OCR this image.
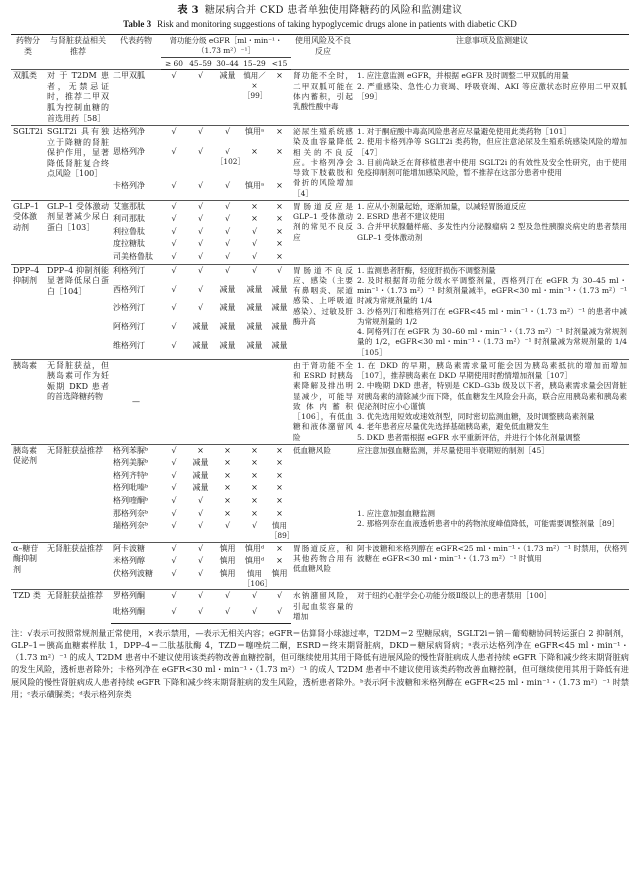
表 3 糖尿病合并 CKD 患者单独使用降糖药的风险和监测建议
Table 3 Risk and monitoring suggestions of taking hypoglycemic drugs alone in patients with diabetic CKD
药物分类	与肾脏获益相关推荐	代表药物	肾功能分级 eGFR［ml・min⁻¹・（1.73 m²）⁻¹］					使用风险及不良反应	注意事项及监测建议
			≥ 60	45–59	30–44	15–29	<15		
双胍类	对于T2DM患者，无禁忌证时，推荐二甲双胍为控制血糖的首选用药［58］	二甲双胍	√	√	减量	慎用／×［99］	×	肾功能不全时，二甲双胍可能在体内蓄积，引起乳酸性酸中毒	1. 应注意监测 eGFR，并根据 eGFR 及时调整二甲双胍的用量
2. 严重感染、急性心力衰竭、呼吸衰竭、AKI 等应激状态时应停用二甲双胍［99］

SGLT2i	SGLT2i 具有独立于降糖的肾脏保护作用，显著降低肾脏复合终点风险［100］	达格列净	√	√	√	慎用ᵃ	×	泌尿生殖系统感染及血容量降低相关的不良反应。卡格列净会导致下肢截肢和骨折的风险增加［4］	1. 对于酮症酸中毒高风险患者应尽量避免使用此类药物［101］
2. 使用卡格列净等 SGLT2i 类药物，但应注意泌尿及生殖系统感染风险的增加［47］
3. 目前尚缺乏在肾移植患者中使用 SGLT2i 的有效性及安全性研究，由于使用免疫抑制剂可能增加感染风险，暂不推荐在这部分患者中使用

		恩格列净	√	√	√［102］	×	×		
		卡格列净	√	√	√	慎用ᵃ	×		
GLP–1受体激动剂	GLP–1 受体激动剂显著减少尿白蛋白［103］	艾塞那肽	√	√	√	×	×	胃肠道反应是GLP–1 受体激动剂的常见不良反应	1. 应从小剂量起始，逐渐加量，以减轻胃肠道反应
2. ESRD 患者不建议使用
3. 合并甲状腺髓样癌、多发性内分泌腺瘤病 2 型及急性胰腺炎病史的患者禁用 GLP–1 受体激动剂

		利司那肽	√	√	√	×	×		
		利拉鲁肽	√	√	√	√	×		
		度拉糖肽	√	√	√	√	×		
		司美格鲁肽	√	√	√	√	×		
DPP–4抑制剂	DPP–4 抑制剂能显著降低尿白蛋白［104］	利格列汀	√	√	√	√	√	胃肠道不良反应、感染（主要有鼻咽炎、尿道感染、上呼吸道感染）、过敏及肝酶升高	1. 监测患者肝酶，轻度肝损伤不调整剂量
2. 及时根据肾功能分级水平调整剂量，西格列汀在 eGFR 为 30–45 ml・min⁻¹・（1.73 m²）⁻¹ 时须剂量减半，eGFR<30 ml・min⁻¹・（1.73 m²）⁻¹ 时减为常规剂量的 1/4
3. 沙格列汀和维格列汀在 eGFR<45 ml・min⁻¹・（1.73 m²）⁻¹ 的患者中减为常规剂量的 1/2
4. 阿格列汀在 eGFR 为 30–60 ml・min⁻¹・（1.73 m²）⁻¹ 时剂量减为常规剂量的 1/2，eGFR<30 ml・min⁻¹・（1.73 m²）⁻¹ 时剂量减为常规剂量的 1/4［105］

		西格列汀	√	√	减量	减量	减量		
		沙格列汀	√	√	减量	减量	减量		
		阿格列汀	√	减量	减量	减量	减量		
		维格列汀	√	减量	减量	减量	减量		
胰岛素	无肾脏获益，但胰岛素可作为妊娠期 DKD 患者的首选降糖药物	—						由于肾功能不全和 ESRD 时胰岛素降解及排出明显减少，可能导致体内蓄积［106］，有低血糖和液体潴留风险	1. 在 DKD 的早期，胰岛素需求量可能会因为胰岛素抵抗的增加而增加［107］，推荐胰岛素在 DKD 早期使用时酌情增加剂量［107］
2. 中晚期 DKD 患者，特别是 CKD–G3b 级及以下者，胰岛素需求量会因肾脏对胰岛素的清除减少而下降，低血糖发生风险会升高，联合应用胰岛素和胰岛素促泌剂时应小心谨慎
3. 优先选用短效或速效剂型，同时密切监测血糖，及时调整胰岛素剂量
4. 老年患者应尽量优先选择基础胰岛素，避免低血糖发生
5. DKD 患者需根据 eGFR 水平重新评估，并进行个体化剂量调整

胰岛素促泌剂	无肾脏获益推荐	格列苯脲ᵇ	√	×	×	×	×	低血糖风险	应注意加强血糖监测，并尽量使用半衰期短的制剂［45］
		格列美脲ᵇ	√	减量	×	×	×		
		格列齐特ᵇ	√	减量	×	×	×		
		格列吡嗪ᵇ	√	减量	×	×	×		
		格列喹酮ᵇ	√	√	×	×	×		
		那格列奈ᵇ	√	√	×	×	×		1. 应注意加强血糖监测
2. 那格列奈在血液透析患者中的药物浓度峰值降低，可能需要调整剂量［89］

		瑞格列奈ᵇ	√	√	√	√	慎用［89］		
α–糖苷酶抑制剂	无肾脏获益推荐	阿卡波糖	√	√	慎用	慎用ᵈ	×	胃肠道反应，和其他药物合用有低血糖风险	阿卡波糖和米格列醇在 eGFR<25 ml・min⁻¹・（1.73 m²）⁻¹ 时禁用，伏格列波糖在 eGFR<30 ml・min⁻¹・（1.73 m²）⁻¹ 时慎用
		米格列醇	√	√	慎用	慎用ᵈ	×		
		伏格列波糖	√	√	慎用	慎用［106］	慎用		
TZD 类	无肾脏获益推荐	罗格列酮	√	√	√	√	√	水钠潴留风险，引起血浆容量的增加	对于纽约心脏学会心功能分级Ⅱ级以上的患者禁用［100］
		吡格列酮	√	√	√	√	√		
注：√表示可按照常规剂量正常使用，×表示禁用，—表示无相关内容；eGFR＝估算肾小球滤过率，T2DM＝2 型糖尿病，SGLT2i＝钠－葡萄糖协同转运蛋白 2 抑制剂，GLP–1＝胰高血糖素样肽 1，DPP–4＝二肽基肽酶 4，TZD＝噻唑烷二酮，ESRD＝终末期肾脏病，DKD＝糖尿病肾病；ᵃ表示达格列净在 eGFR<45 ml・min⁻¹・（1.73 m²）⁻¹ 的成人 T2DM 患者中不建议使用该类药物改善血糖控制，但可继续使用其用于降低有进展风险的慢性肾脏病成人患者持续 eGFR 下降和减少终末期肾脏病的发生风险，透析患者除外；卡格列净在 eGFR<30 ml・min⁻¹・（1.73 m²）⁻¹ 的成人 T2DM 患者中不建议使用该类药物改善血糖控制，但可继续使用其用于降低有进展风险的慢性肾脏病成人患者持续 eGFR 下降和减少终末期肾脏病的发生风险，透析患者除外。ᵇ表示阿卡波糖和米格列醇在 eGFR<25 ml・min⁻¹・（1.73 m²）⁻¹ 时禁用；ᶜ表示磺脲类；ᵈ表示格列奈类
